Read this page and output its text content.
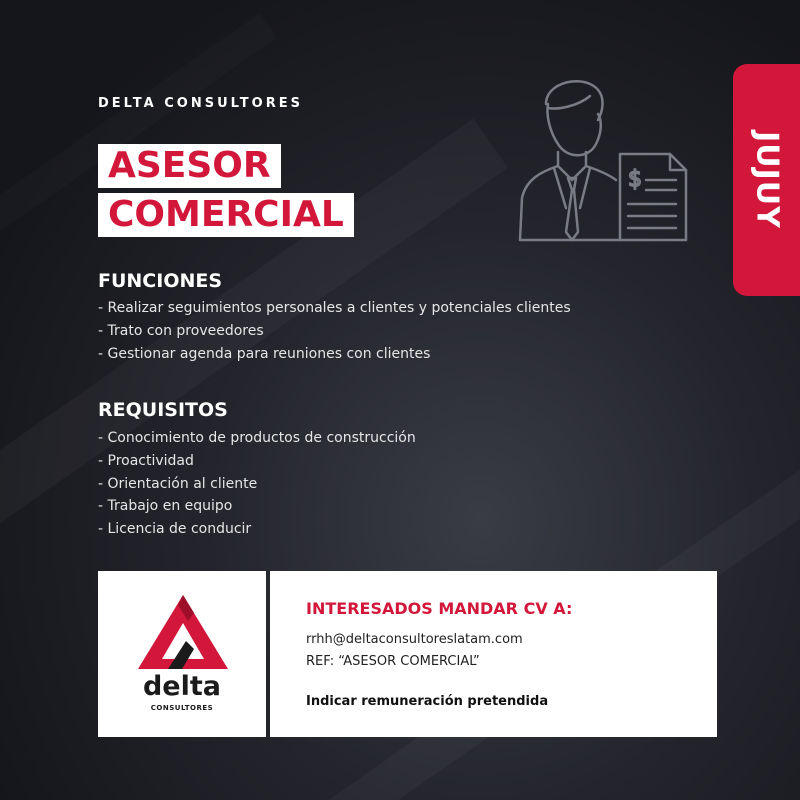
JUJUY
DELTA CONSULTORES
ASESOR
COMERCIAL
$
FUNCIONES
- Realizar seguimientos personales a clientes y potenciales clientes
- Trato con proveedores
- Gestionar agenda para reuniones con clientes
REQUISITOS
- Conocimiento de productos de construcción
- Proactividad
- Orientación al cliente
- Trabajo en equipo
- Licencia de conducir
delta
CONSULTORES
INTERESADOS MANDAR CV A:
rrhh@deltaconsultoreslatam.com
REF: “ASESOR COMERCIAL”
Indicar remuneración pretendida
